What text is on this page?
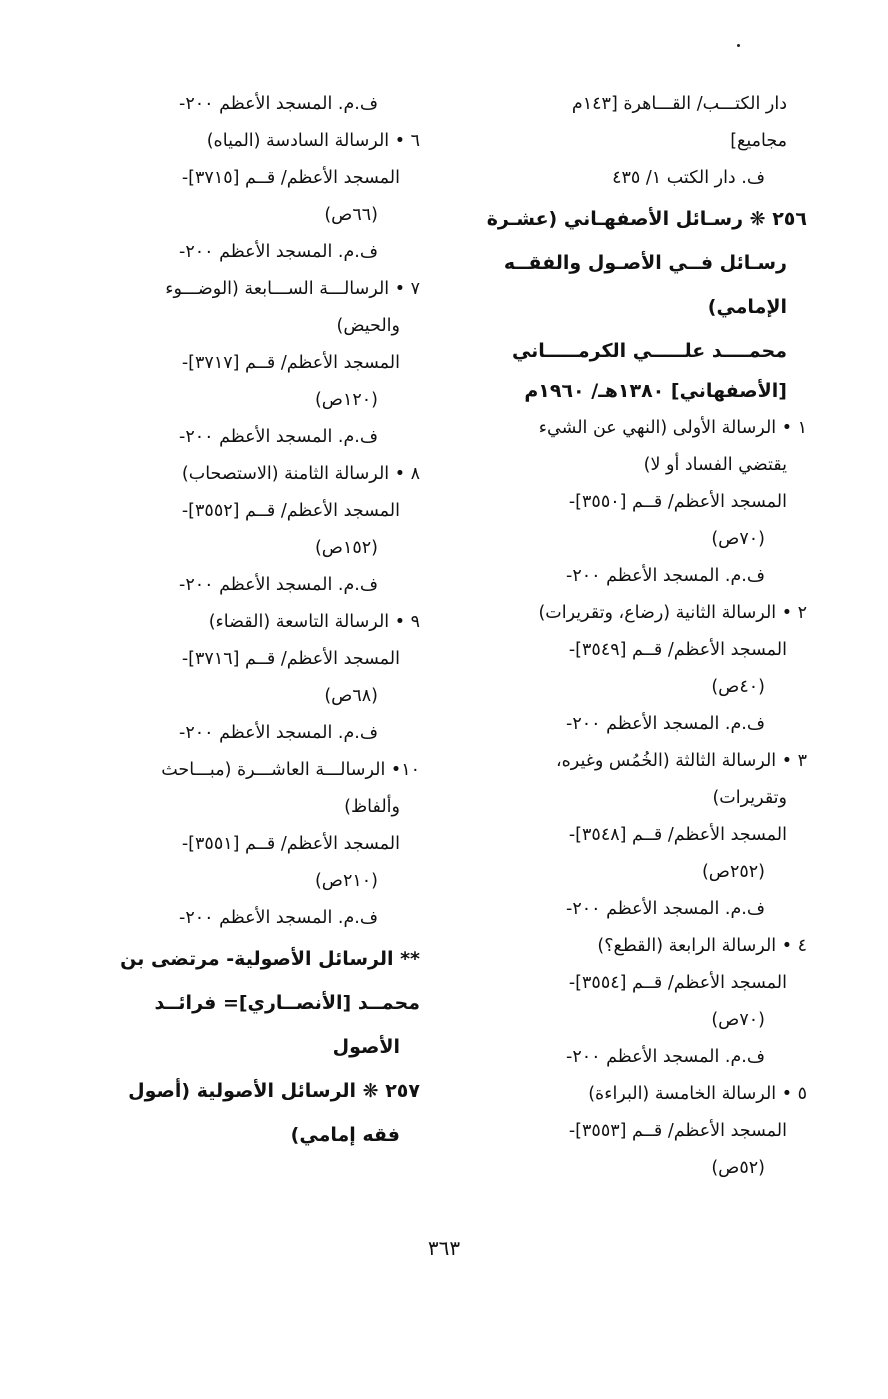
دار الكتـــب/ القـــاهرة [١٤٣م
مجاميع]
ف. دار الكتب ١/ ٤٣٥
٢٥٦ ❋ رسـائل الأصفهـاني (عشـرة
رسـائل فــي الأصـول والفقــه
الإمامي)
محمــــد علـــــي الكرمـــــاني
[الأصفهاني] ١٣٨٠هـ/ ١٩٦٠م
١ • الرسالة الأولى (النهي عن الشيء
يقتضي الفساد أو لا)
المسجد الأعظم/ قــم [٣٥٥٠]-
(٧٠ص)
ف.م. المسجد الأعظم ٢٠٠-
٢ • الرسالة الثانية (رضاع، وتقريرات)
المسجد الأعظم/ قــم [٣٥٤٩]-
(٤٠ص)
ف.م. المسجد الأعظم ٢٠٠-
٣ • الرسالة الثالثة (الخُمُس وغيره،
وتقريرات)
المسجد الأعظم/ قــم [٣٥٤٨]-
(٢٥٢ص)
ف.م. المسجد الأعظم ٢٠٠-
٤ • الرسالة الرابعة (القطع؟)
المسجد الأعظم/ قــم [٣٥٥٤]-
(٧٠ص)
ف.م. المسجد الأعظم ٢٠٠-
٥ • الرسالة الخامسة (البراءة)
المسجد الأعظم/ قــم [٣٥٥٣]-
(٥٢ص)
ف.م. المسجد الأعظم ٢٠٠-
٦ • الرسالة السادسة (المياه)
المسجد الأعظم/ قــم [٣٧١٥]-
(٦٦ص)
ف.م. المسجد الأعظم ٢٠٠-
٧ • الرسالـــة الســـابعة (الوضـــوء
والحيض)
المسجد الأعظم/ قــم [٣٧١٧]-
(١٢٠ص)
ف.م. المسجد الأعظم ٢٠٠-
٨ • الرسالة الثامنة (الاستصحاب)
المسجد الأعظم/ قــم [٣٥٥٢]-
(١٥٢ص)
ف.م. المسجد الأعظم ٢٠٠-
٩ • الرسالة التاسعة (القضاء)
المسجد الأعظم/ قــم [٣٧١٦]-
(٦٨ص)
ف.م. المسجد الأعظم ٢٠٠-
١٠• الرسالـــة العاشـــرة (مبـــاحث
وألفاظ)
المسجد الأعظم/ قــم [٣٥٥١]-
(٢١٠ص)
ف.م. المسجد الأعظم ٢٠٠-
** الرسائل الأصولية- مرتضى بن
محمــد [الأنصــاري]= فرائــد
الأصول
٢٥٧ ❋ الرسائل الأصولية (أصول
فقه إمامي)
٣٦٣
